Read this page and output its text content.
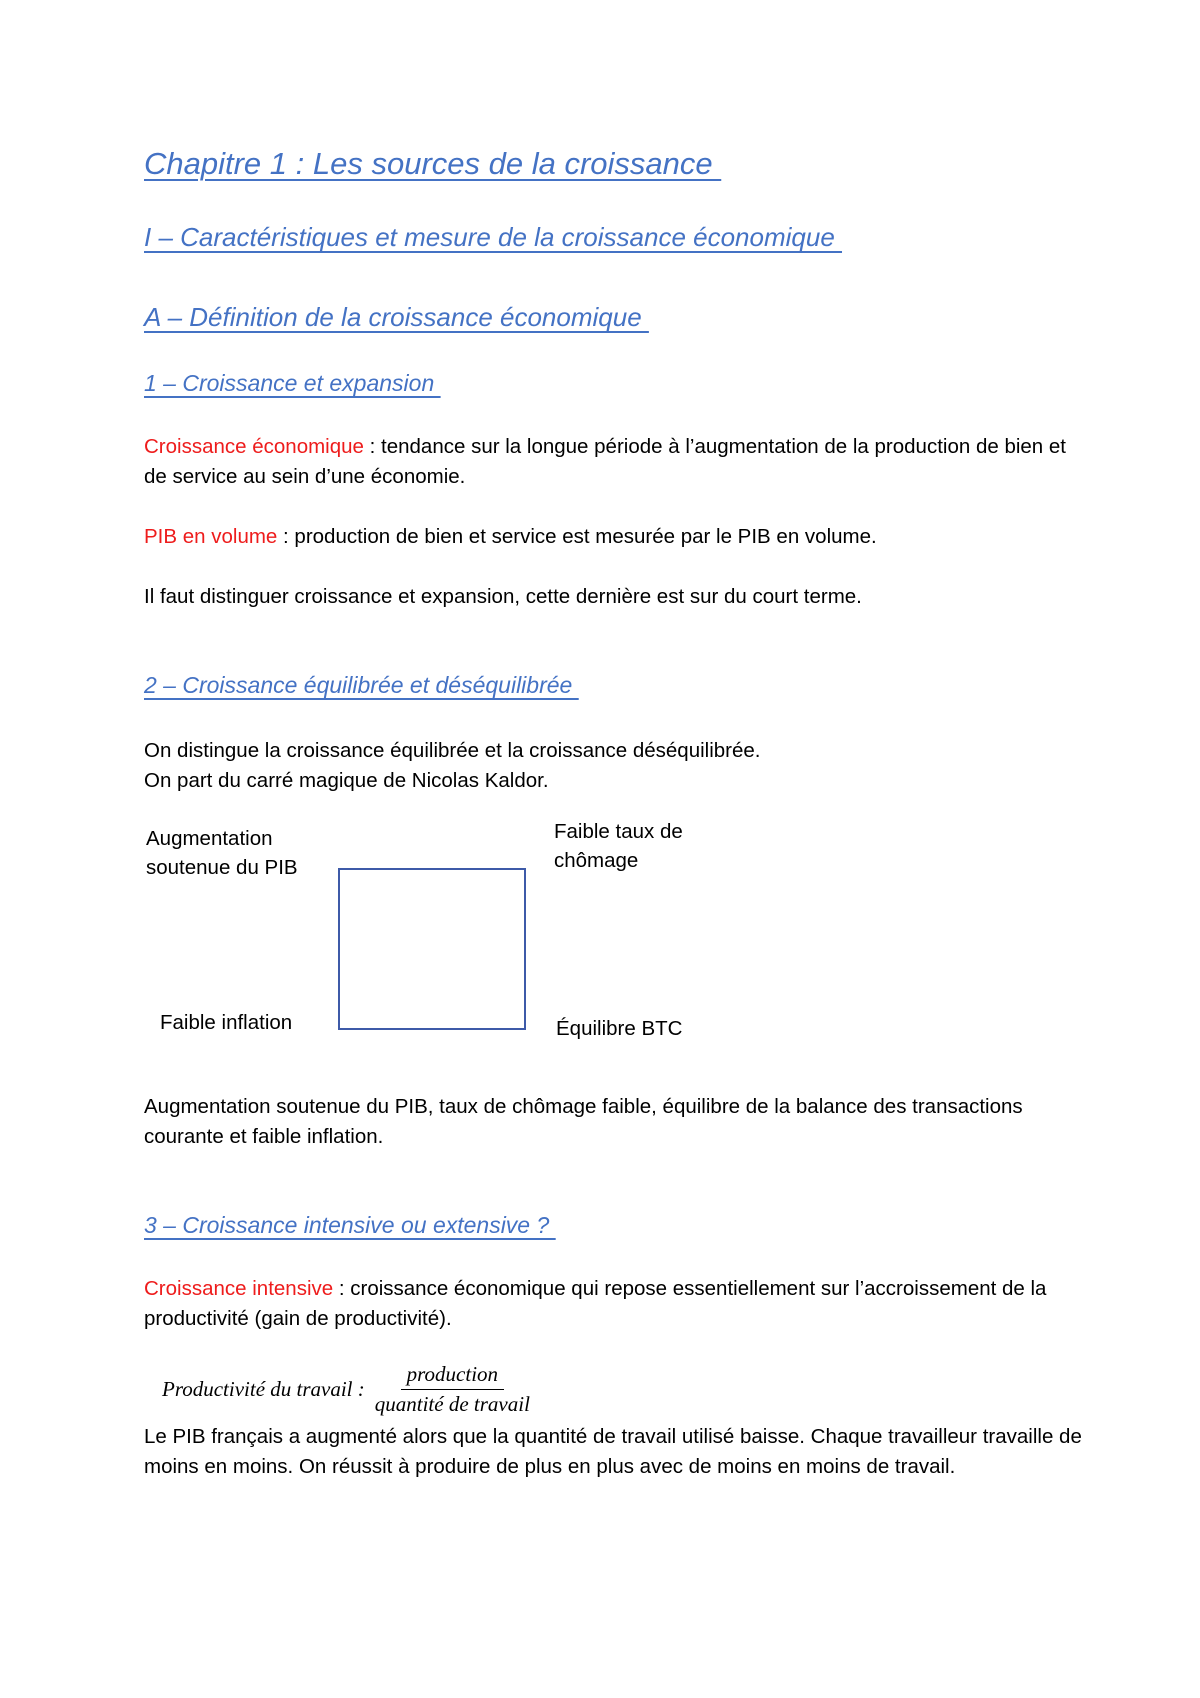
Chapitre 1 : Les sources de la croissance
I – Caractéristiques et mesure de la croissance économique
A – Définition de la croissance économique
1 – Croissance et expansion

Croissance économique : tendance sur la longue période à l’augmentation de la production de bien et de service au sein d’une économie.

PIB en volume : production de bien et service est mesurée par le PIB en volume.

Il faut distinguer croissance et expansion, cette dernière est sur du court terme.

2 – Croissance équilibrée et déséquilibrée

On distingue la croissance équilibrée et la croissance déséquilibrée.

On part du carré magique de Nicolas Kaldor.

Augmentation
soutenue du PIB
Faible taux de
chômage
Faible inflation	Équilibre BTC

Augmentation soutenue du PIB, taux de chômage faible, équilibre de la balance des transactions courante et faible inflation.

3 – Croissance intensive ou extensive ?

Croissance intensive : croissance économique qui repose essentiellement sur l’accroissement de la productivité (gain de productivité).

Productivité du travail : $\frac{\text{production}}{\text{quantité de travail}}$

Le PIB français a augmenté alors que la quantité de travail utilisé baisse. Chaque travailleur travaille de moins en moins. On réussit à produire de plus en plus avec de moins en moins de travail.
